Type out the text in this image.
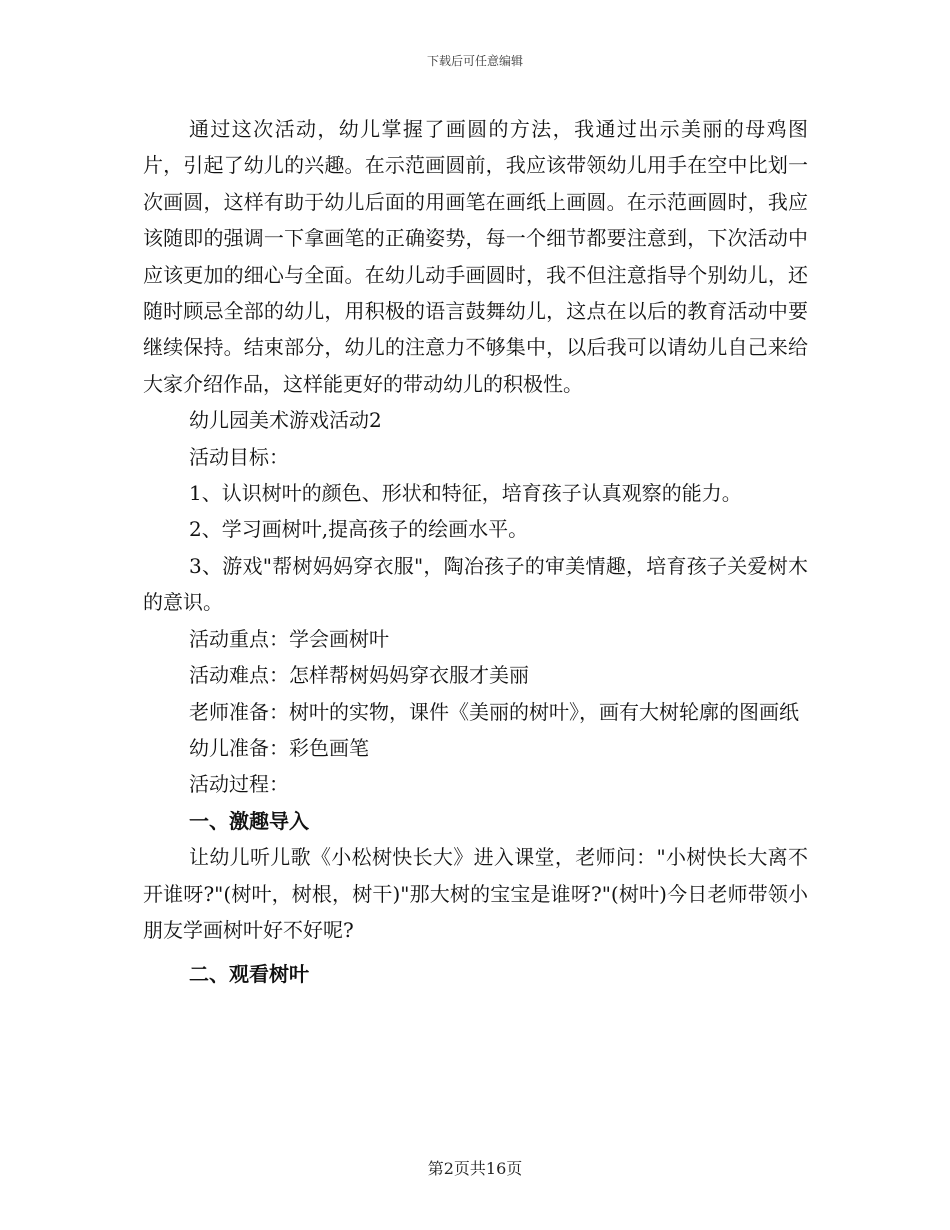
下载后可任意编辑

通过这次活动，幼儿掌握了画圆的方法，我通过出示美丽的母鸡图片，引起了幼儿的兴趣。在示范画圆前，我应该带领幼儿用手在空中比划一次画圆，这样有助于幼儿后面的用画笔在画纸上画圆。在示范画圆时，我应该随即的强调一下拿画笔的正确姿势，每一个细节都要注意到，下次活动中应该更加的细心与全面。在幼儿动手画圆时，我不但注意指导个别幼儿，还随时顾忌全部的幼儿，用积极的语言鼓舞幼儿，这点在以后的教育活动中要继续保持。结束部分，幼儿的注意力不够集中，以后我可以请幼儿自己来给大家介绍作品，这样能更好的带动幼儿的积极性。

幼儿园美术游戏活动2

活动目标：

1、认识树叶的颜色、形状和特征，培育孩子认真观察的能力。

2、学习画树叶,提高孩子的绘画水平。

3、游戏"帮树妈妈穿衣服"，陶冶孩子的审美情趣，培育孩子关爱树木的意识。

活动重点：学会画树叶

活动难点：怎样帮树妈妈穿衣服才美丽

老师准备：树叶的实物，课件《美丽的树叶》，画有大树轮廓的图画纸

幼儿准备：彩色画笔

活动过程：

一、激趣导入

让幼儿听儿歌《小松树快长大》进入课堂，老师问："小树快长大离不开谁呀?"(树叶，树根，树干)"那大树的宝宝是谁呀?"(树叶)今日老师带领小朋友学画树叶好不好呢?

二、观看树叶

第2页共16页
